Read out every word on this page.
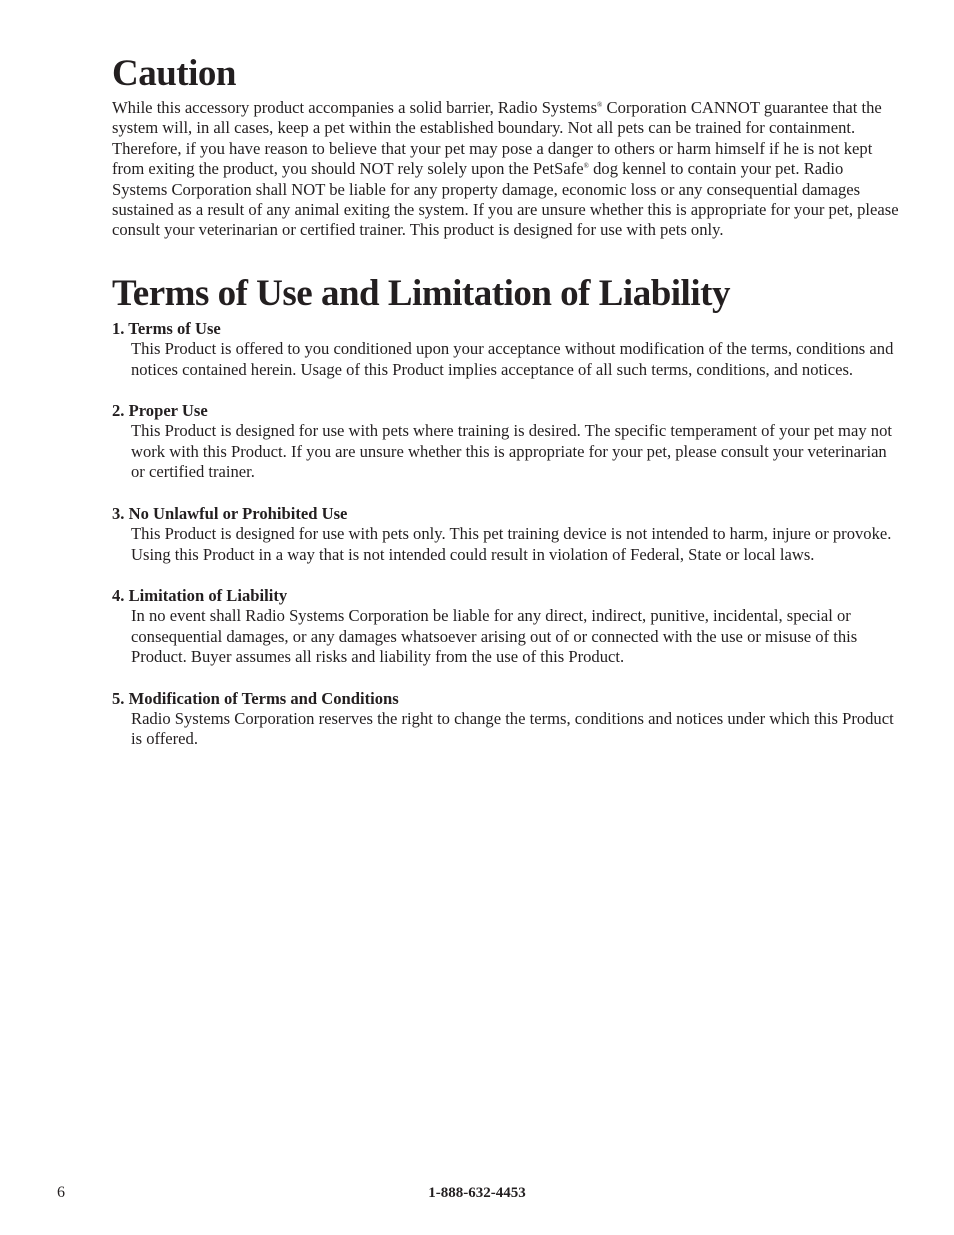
Caution

While this accessory product accompanies a solid barrier, Radio Systems® Corporation CANNOT guarantee that the system will, in all cases, keep a pet within the established boundary. Not all pets can be trained for containment. Therefore, if you have reason to believe that your pet may pose a danger to others or harm himself if he is not kept from exiting the product, you should NOT rely solely upon the PetSafe® dog kennel to contain your pet. Radio Systems Corporation shall NOT be liable for any property damage, economic loss or any consequential damages sustained as a result of any animal exiting the system. If you are unsure whether this is appropriate for your pet, please consult your veterinarian or certified trainer. This product is designed for use with pets only.

Terms of Use and Limitation of Liability
1. Terms of Use

This Product is offered to you conditioned upon your acceptance without modification of the terms, conditions and notices contained herein. Usage of this Product implies acceptance of all such terms, conditions, and notices.

2. Proper Use

This Product is designed for use with pets where training is desired. The specific temperament of your pet may not work with this Product. If you are unsure whether this is appropriate for your pet, please consult your veterinarian or certified trainer.

3. No Unlawful or Prohibited Use

This Product is designed for use with pets only. This pet training device is not intended to harm, injure or provoke. Using this Product in a way that is not intended could result in violation of Federal, State or local laws.

4. Limitation of Liability

In no event shall Radio Systems Corporation be liable for any direct, indirect, punitive, incidental, special or consequential damages, or any damages whatsoever arising out of or connected with the use or misuse of this Product. Buyer assumes all risks and liability from the use of this Product.

5. Modification of Terms and Conditions

Radio Systems Corporation reserves the right to change the terms, conditions and notices under which this Product is offered.

6	1-888-632-4453
